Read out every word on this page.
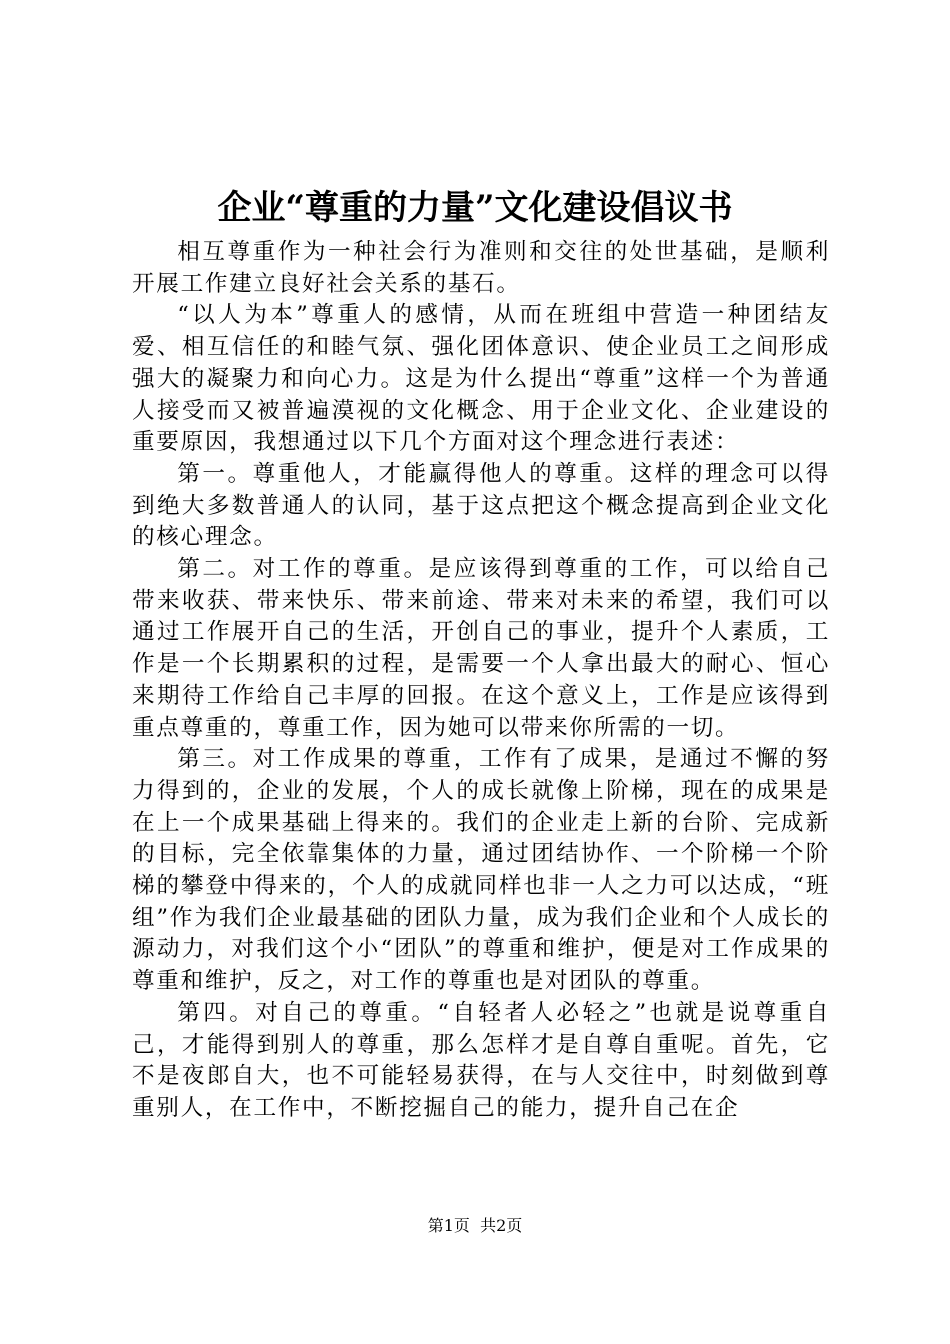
企业“尊重的力量”文化建设倡议书

相互尊重作为一种社会行为准则和交往的处世基础，是顺利开展工作建立良好社会关系的基石。

“以人为本”尊重人的感情，从而在班组中营造一种团结友爱、相互信任的和睦气氛、强化团体意识、使企业员工之间形成强大的凝聚力和向心力。这是为什么提出“尊重”这样一个为普通人接受而又被普遍漠视的文化概念、用于企业文化、企业建设的重要原因，我想通过以下几个方面对这个理念进行表述：

第一。尊重他人，才能赢得他人的尊重。这样的理念可以得到绝大多数普通人的认同，基于这点把这个概念提高到企业文化的核心理念。

第二。对工作的尊重。是应该得到尊重的工作，可以给自己带来收获、带来快乐、带来前途、带来对未来的希望，我们可以通过工作展开自己的生活，开创自己的事业，提升个人素质，工作是一个长期累积的过程，是需要一个人拿出最大的耐心、恒心来期待工作给自己丰厚的回报。在这个意义上，工作是应该得到重点尊重的，尊重工作，因为她可以带来你所需的一切。

第三。对工作成果的尊重，工作有了成果，是通过不懈的努力得到的，企业的发展，个人的成长就像上阶梯，现在的成果是在上一个成果基础上得来的。我们的企业走上新的台阶、完成新的目标，完全依靠集体的力量，通过团结协作、一个阶梯一个阶梯的攀登中得来的，个人的成就同样也非一人之力可以达成，“班组”作为我们企业最基础的团队力量，成为我们企业和个人成长的源动力，对我们这个小“团队”的尊重和维护，便是对工作成果的尊重和维护，反之，对工作的尊重也是对团队的尊重。

第四。对自己的尊重。“自轻者人必轻之”也就是说尊重自己，才能得到别人的尊重，那么怎样才是自尊自重呢。首先，它不是夜郎自大，也不可能轻易获得，在与人交往中，时刻做到尊重别人，在工作中，不断挖掘自己的能力，提升自己在企

第1页  共2页
